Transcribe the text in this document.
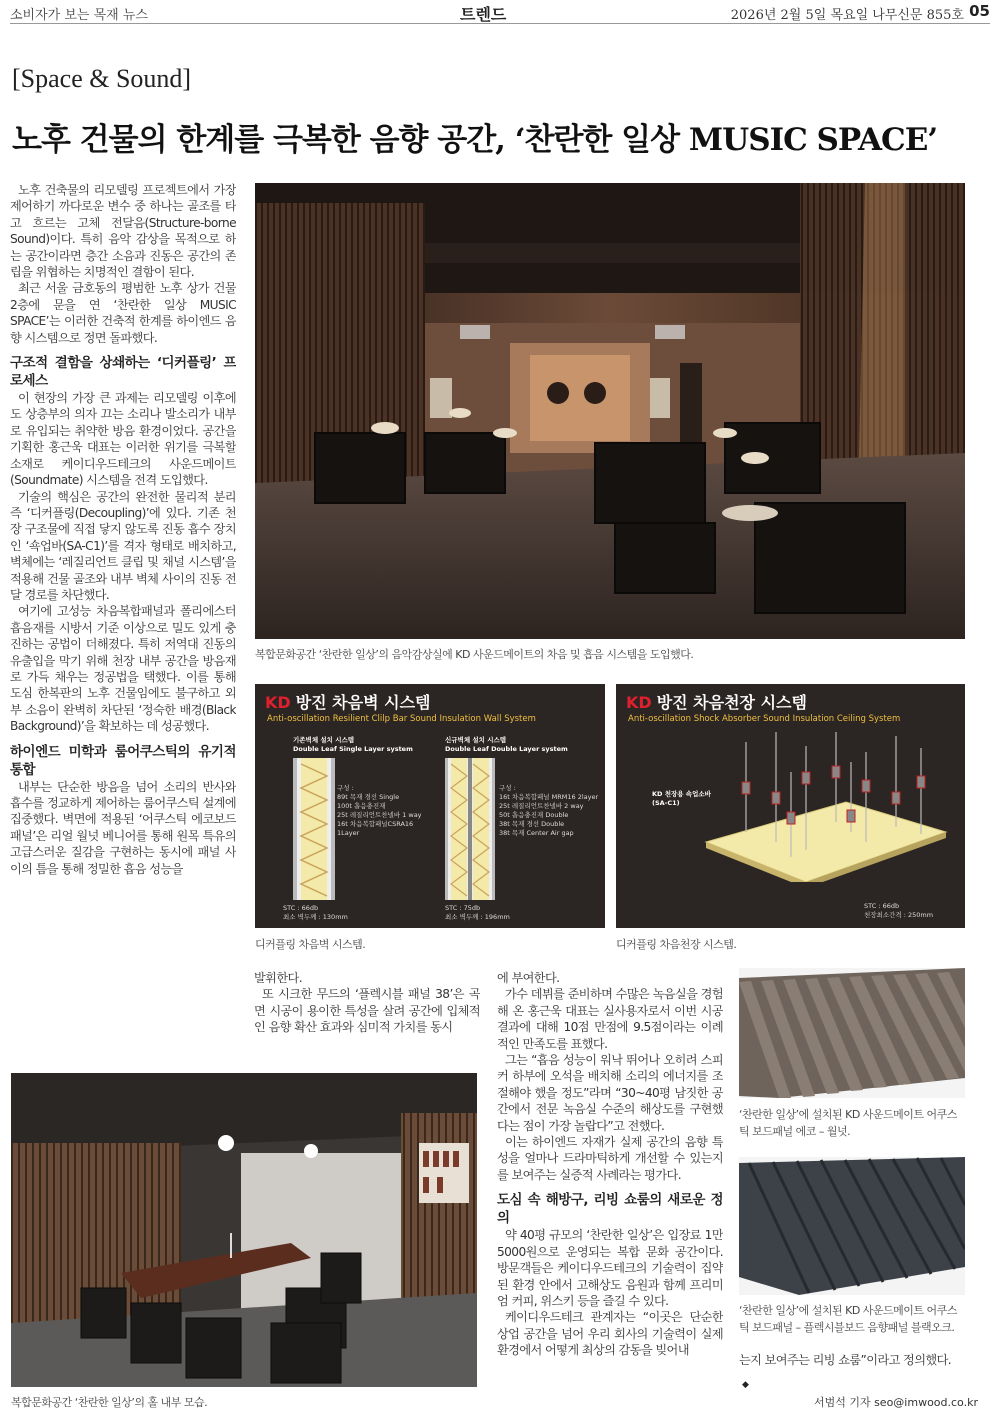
소비자가 보는 목재 뉴스	트렌드	2026년 2월 5일 목요일 나무신문 855호 05
[Space & Sound]
노후 건물의 한계를 극복한 음향 공간, ‘찬란한 일상 MUSIC SPACE’

노후 건축물의 리모델링 프로젝트에서 가장 제어하기 까다로운 변수 중 하나는 골조를 타고 흐르는 고체 전달음(Structure-borne Sound)이다. 특히 음악 감상을 목적으로 하는 공간이라면 층간 소음과 진동은 공간의 존립을 위협하는 치명적인 결함이 된다.

최근 서울 금호동의 평범한 노후 상가 건물 2층에 문을 연 ‘찬란한 일상 MUSIC SPACE’는 이러한 건축적 한계를 하이엔드 음향 시스템으로 정면 돌파했다.

구조적 결함을 상쇄하는 ‘디커플링’ 프로세스

이 현장의 가장 큰 과제는 리모델링 이후에도 상층부의 의자 끄는 소리나 발소리가 내부로 유입되는 취약한 방음 환경이었다. 공간을 기획한 홍근욱 대표는 이러한 위기를 극복할 소재로 케이디우드테크의 사운드메이트(Soundmate) 시스템을 전격 도입했다.

기술의 핵심은 공간의 완전한 물리적 분리 즉 ‘디커플링(Decoupling)’에 있다. 기존 천장 구조물에 직접 닿지 않도록 진동 흡수 장치인 ‘쇽업바(SA-C1)’를 격자 형태로 배치하고, 벽체에는 ‘레질리언트 클립 및 채널 시스템’을 적용해 건물 골조와 내부 벽체 사이의 진동 전달 경로를 차단했다.

여기에 고성능 차음복합패널과 폴리에스터 흡음재를 시방서 기준 이상으로 밀도 있게 충진하는 공법이 더해졌다. 특히 저역대 진동의 유출입을 막기 위해 천장 내부 공간을 방음재로 가득 채우는 정공법을 택했다. 이를 통해 도심 한복판의 노후 건물임에도 불구하고 외부 소음이 완벽히 차단된 ‘정숙한 배경(Black Background)’을 확보하는 데 성공했다.

하이엔드 미학과 룸어쿠스틱의 유기적 통합

내부는 단순한 방음을 넘어 소리의 반사와 흡수를 정교하게 제어하는 룸어쿠스틱 설계에 집중했다. 벽면에 적용된 ‘어쿠스틱 에코보드패널’은 리얼 월넛 베니어를 통해 원목 특유의 고급스러운 질감을 구현하는 동시에 패널 사이의 틈을 통해 정밀한 흡음 성능을

복합문화공간 ‘찬란한 일상’의 음악감상실에 KD 사운드메이트의 차음 및 흡음 시스템을 도입했다.
KD 방진 차음벽 시스템
Anti-oscillation Resilient Clilp Bar Sound Insulation Wall System
기존벽체 설치 시스템
Double Leaf Single Layer system
신규벽체 설치 시스템
Double Leaf Double Layer system
구성 :
89t 목재 경선 Single
100t 흡음충진재
25t 레질리언트찬넬바 1 way
16t 차음복합패널CSRA16
1Layer
구성 :
16t 차음복합패널 MRM16 2layer
25t 레질리언트찬넬바 2 way
50t 흡음충진재 Double
38t 목재 경선 Double
38t 목재 Center Air gap
STC : 66db
최소 벽두께 : 130mm
STC : 75db
최소 벽두께 : 196mm
디커플링 차음벽 시스템.
KD 방진 차음천장 시스템
Anti-oscillation Shock Absorber Sound Insulation Ceiling System
KD 천장용 쇽업소바
(SA-C1)
STC : 66db
천장최소간격 : 250mm
디커플링 차음천장 시스템.

발휘한다.

또 시크한 무드의 ‘플렉시블 패널 38’은 곡면 시공이 용이한 특성을 살려 공간에 입체적인 음향 확산 효과와 심미적 가치를 동시

에 부여한다.

가수 데뷔를 준비하며 수많은 녹음실을 경험해 온 홍근욱 대표는 실사용자로서 이번 시공 결과에 대해 10점 만점에 9.5점이라는 이례적인 만족도를 표했다.

그는 “흡음 성능이 워낙 뛰어나 오히려 스피커 하부에 오석을 배치해 소리의 에너지를 조절해야 했을 정도”라며 “30~40평 남짓한 공간에서 전문 녹음실 수준의 해상도를 구현했다는 점이 가장 놀랍다”고 전했다.

이는 하이엔드 자재가 실제 공간의 음향 특성을 얼마나 드라마틱하게 개선할 수 있는지를 보여주는 실증적 사례라는 평가다.

도심 속 해방구, 리빙 쇼룸의 새로운 정의

약 40평 규모의 ‘찬란한 일상’은 입장료 1만5000원으로 운영되는 복합 문화 공간이다. 방문객들은 케이디우드테크의 기술력이 집약된 환경 안에서 고해상도 음원과 함께 프리미엄 커피, 위스키 등을 즐길 수 있다.

케이디우드테크 관계자는 “이곳은 단순한 상업 공간을 넘어 우리 회사의 기술력이 실제 환경에서 어떻게 최상의 감동을 빚어내

‘찬란한 일상’에 설치된 KD 사운드메이트 어쿠스틱 보드패널 에코 – 월넛.
‘찬란한 일상’에 설치된 KD 사운드메이트 어쿠스틱 보드패널 – 플렉시블보드 음향패널 블랙오크.
는지 보여주는 리빙 쇼룸”이라고 정의했다.
◆
서범석 기자 seo@imwood.co.kr
복합문화공간 ‘찬란한 일상’의 홀 내부 모습.
